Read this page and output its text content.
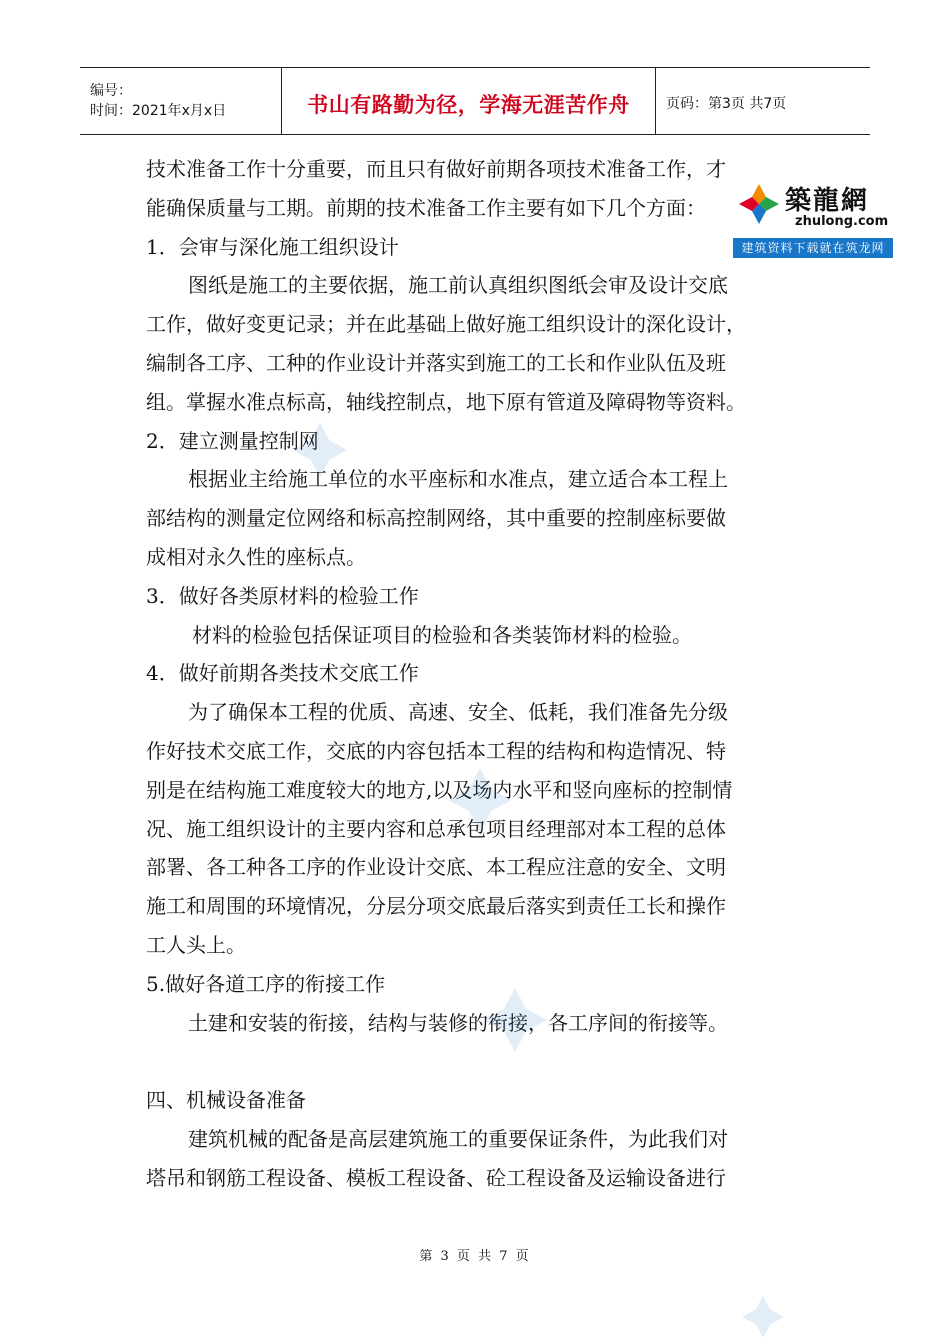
编号：
时间：2021年x月x日	书山有路勤为径，学海无涯苦作舟	页码：第3页 共7页

技术准备工作十分重要，而且只有做好前期各项技术准备工作，才

能确保质量与工期。前期的技术准备工作主要有如下几个方面：

1．会审与深化施工组织设计

图纸是施工的主要依据，施工前认真组织图纸会审及设计交底

工作，做好变更记录；并在此基础上做好施工组织设计的深化设计，

编制各工序、工种的作业设计并落实到施工的工长和作业队伍及班

组。掌握水准点标高，轴线控制点，地下原有管道及障碍物等资料。

2．建立测量控制网

根据业主给施工单位的水平座标和水准点，建立适合本工程上

部结构的测量定位网络和标高控制网络，其中重要的控制座标要做

成相对永久性的座标点。

3．做好各类原材料的检验工作

材料的检验包括保证项目的检验和各类装饰材料的检验。

4．做好前期各类技术交底工作

为了确保本工程的优质、高速、安全、低耗，我们准备先分级

作好技术交底工作，交底的内容包括本工程的结构和构造情况、特

别是在结构施工难度较大的地方,以及场内水平和竖向座标的控制情

况、施工组织设计的主要内容和总承包项目经理部对本工程的总体

部署、各工种各工序的作业设计交底、本工程应注意的安全、文明

施工和周围的环境情况，分层分项交底最后落实到责任工长和操作

工人头上。

5.做好各道工序的衔接工作

土建和安装的衔接，结构与装修的衔接，各工序间的衔接等。

四、机械设备准备

建筑机械的配备是高层建筑施工的重要保证条件，为此我们对

塔吊和钢筋工程设备、模板工程设备、砼工程设备及运输设备进行

築龍網
zhulong.com
建筑资料下载就在筑龙网
第 3 页 共 7 页
